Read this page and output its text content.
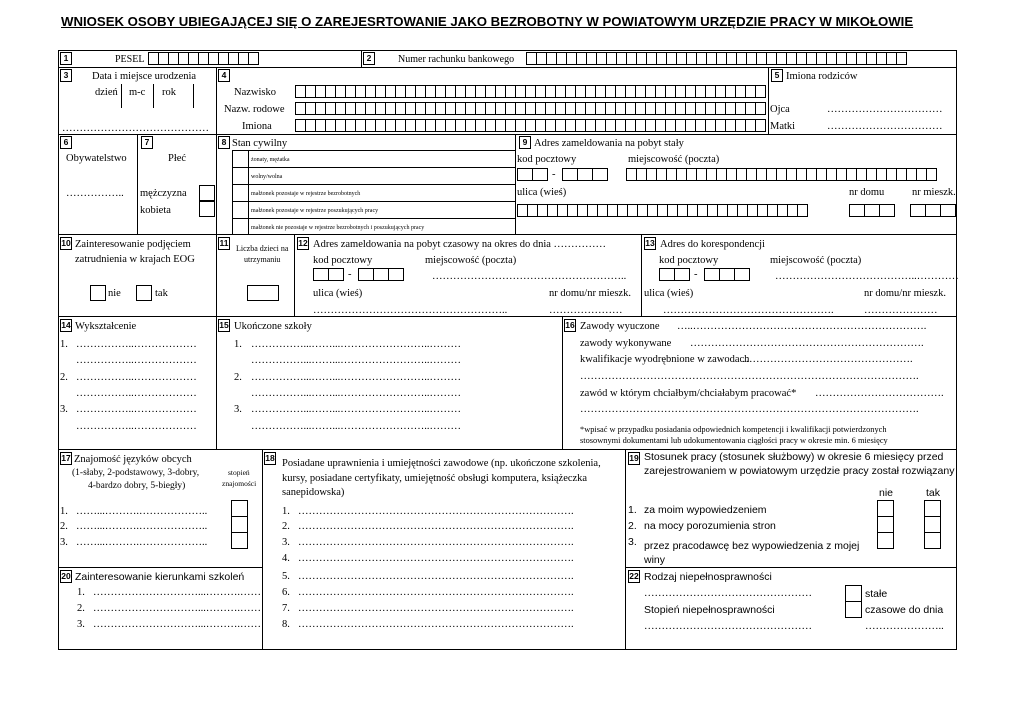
WNIOSEK OSOBY UBIEGAJĄCEJ SIĘ O ZAREJESRTOWANIE JAKO BEZROBOTNY W POWIATOWYM URZĘDZIE PRACY W MIKOŁOWIE
1	PESEL	2	Numer rachunku bankowego
3	Data i miejsce urodzenia
dzień m-c rok
……………………………………
4
Nazwisko
Nazw. rodowe
Imiona
5 Imiona rodziców
Ojca	……………………………
Matki	……………………………
6
Obywatelstwo
……………..
7
Płeć
mężczyzna
kobieta
8 Stan cywilny
żonaty, mężatka
wolny/wolna
małżonek pozostaje w rejestrze bezrobotnych
małżonek pozostaje w rejestrze poszukujących pracy
małżonek nie pozostaje w rejestrze bezrobotnych i poszukujących pracy
9 Adres zameldowania na pobyt stały
kod pocztowy	miejscowość (poczta)
-
ulica (wieś)	nr domu	nr mieszk.
10 Zainteresowanie podjęciem
zatrudnienia w krajach EOG
nie	tak
11
Liczba dzieci na
utrzymaniu
12 Adres zameldowania na pobyt czasowy na okres do dnia ……………
kod pocztowy	miejscowość (poczta)
-	………………………………………………..
ulica (wieś)	nr domu/nr mieszk.
………………………………………………..	…………………
13 Adres do korespondencji
kod pocztowy	miejscowość (poczta)
-	…………………………………..…………
ulica (wieś)	nr domu/nr mieszk.
………………………………………….	…………………
14 Wykształcenie
1. ……………..………………
……………..………………
2. ……………..………………
……………..………………
3. ……………..………………
……………..………………
15 Ukończone szkoły
1. ……………...……...……………………..………
……………...……...……………………..………
2. ……………...……...……………………..………
……………...……...……………………..………
3. ……………...……...……………………..………
……………...……...……………………..………
16 Zawody wyuczone …..………………………………………………………….
zawody wykonywane ………………………………………………………….
kwalifikacje wyodrębnione w zawodach
………………………………………….
…………………………………………………………………………………….
zawód w którym chciałbym/chciałabym pracować* ……………………………….
…………………………………………………………………………………….
*wpisać w przypadku posiadania odpowiednich kompetencji i kwalifikacji potwierdzonych
stosownymi dokumentami lub udokumentowania ciągłości pracy w okresie min. 6 miesięcy
17 Znajomość języków obcych
(1-słaby, 2-podstawowy, 3-dobry,
4-bardzo dobry, 5-biegły)
stopień
znajomości
1. ……...……….………………..
2. ……...……….………………..
3. ……...……….………………..
20 Zainteresowanie kierunkami szkoleń
1. …………………………...……….……
2. …………………………...……….……
3. …………………………...……….……
18 Posiadane uprawnienia i umiejętności zawodowe (np. ukończone szkolenia,
kursy, posiadane certyfikaty, umiejętność obsługi komputera, książeczka
sanepidowska)
1. …………………………………………………………………….
2. …………………………………………………………………….
3. …………………………………………………………………….
4. …………………………………………………………………….
5. …………………………………………………………………….
6. …………………………………………………………………….
7. …………………………………………………………………….
8. …………………………………………………………………….
19 Stosunek pracy (stosunek służbowy) w okresie 6 miesięcy przed
zarejestrowaniem w powiatowym urzędzie pracy został rozwiązany
nie	tak
1. za moim wypowiedzeniem
2. na mocy porozumienia stron
3. przez pracodawcę bez wypowiedzenia z mojej
winy
22 Rodzaj niepełnosprawności
…………………………………………	stałe
Stopień niepełnosprawności	czasowe do dnia
…………………………………………	…………………..
